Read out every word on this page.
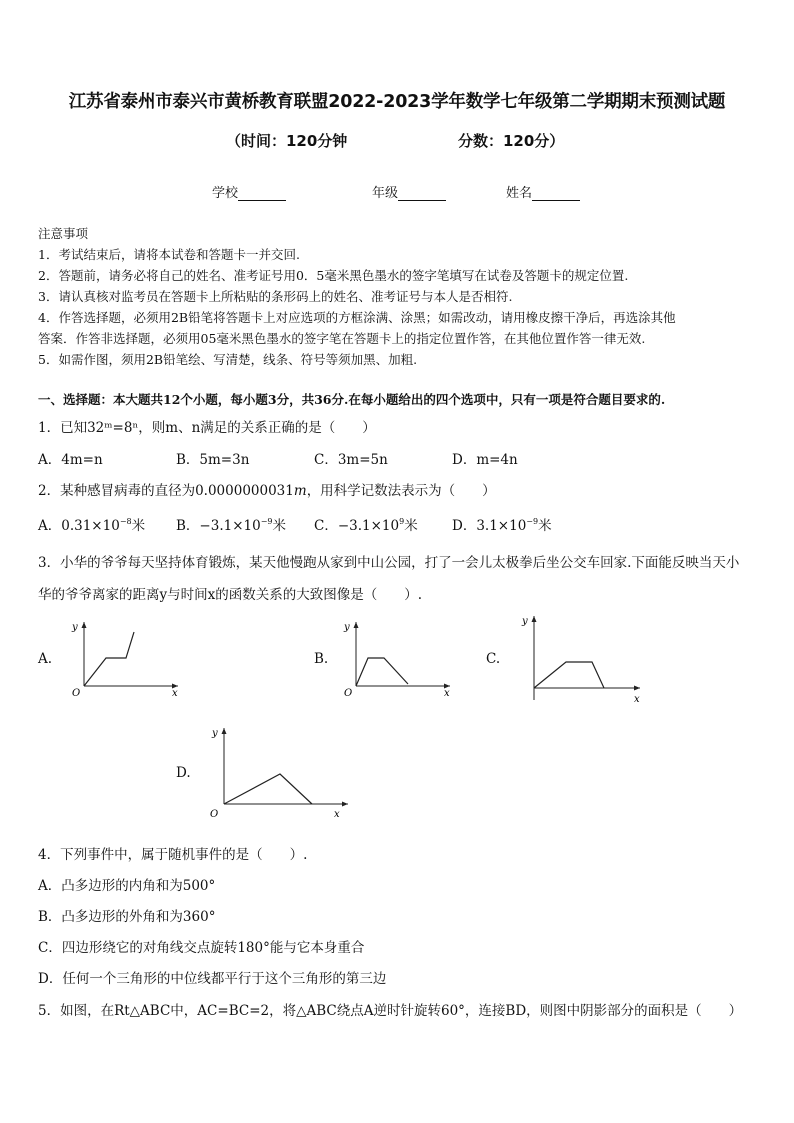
江苏省泰州市泰兴市黄桥教育联盟2022-2023学年数学七年级第二学期期末预测试题
（时间：120分钟	分数：120分）
学校	年级	姓名
注意事项
1．考试结束后，请将本试卷和答题卡一并交回.
2．答题前，请务必将自己的姓名、准考证号用0．5毫米黑色墨水的签字笔填写在试卷及答题卡的规定位置.
3．请认真核对监考员在答题卡上所粘贴的条形码上的姓名、准考证号与本人是否相符.
4．作答选择题，必须用2B铅笔将答题卡上对应选项的方框涂满、涂黑；如需改动，请用橡皮擦干净后，再选涂其他
答案．作答非选择题，必须用05毫米黑色墨水的签字笔在答题卡上的指定位置作答，在其他位置作答一律无效.
5．如需作图，须用2B铅笔绘、写清楚，线条、符号等须加黑、加粗.
一、选择题：本大题共12个小题，每小题3分，共36分.在每小题给出的四个选项中，只有一项是符合题目要求的.
1．已知32ᵐ=8ⁿ，则m、n满足的关系正确的是（　　）
A．4m=n	B．5m=3n	C．3m=5n	D．m=4n
2．某种感冒病毒的直径为0.0000000031m，用科学记数法表示为（　　）
A．$0.31\times 10^{-8}$米 B．$-3.1\times 10^{-9}$米 C．$-3.1\times 10^9$米	D．$3.1\times 10^{-9}$米
3．小华的爷爷每天坚持体育锻炼，某天他慢跑从家到中山公园，打了一会儿太极拳后坐公交车回家.下面能反映当天小
华的爷爷离家的距离y与时间x的函数关系的大致图像是（　　）.
A.
y
x
O
B.
y
x
O
C.
y
x
D.
y
x
O
4．下列事件中，属于随机事件的是（　　）.
A．凸多边形的内角和为500°
B．凸多边形的外角和为360°
C．四边形绕它的对角线交点旋转180°能与它本身重合
D．任何一个三角形的中位线都平行于这个三角形的第三边
5．如图，在Rt△ABC中，AC=BC=2，将△ABC绕点A逆时针旋转60°，连接BD，则图中阴影部分的面积是（　　）
